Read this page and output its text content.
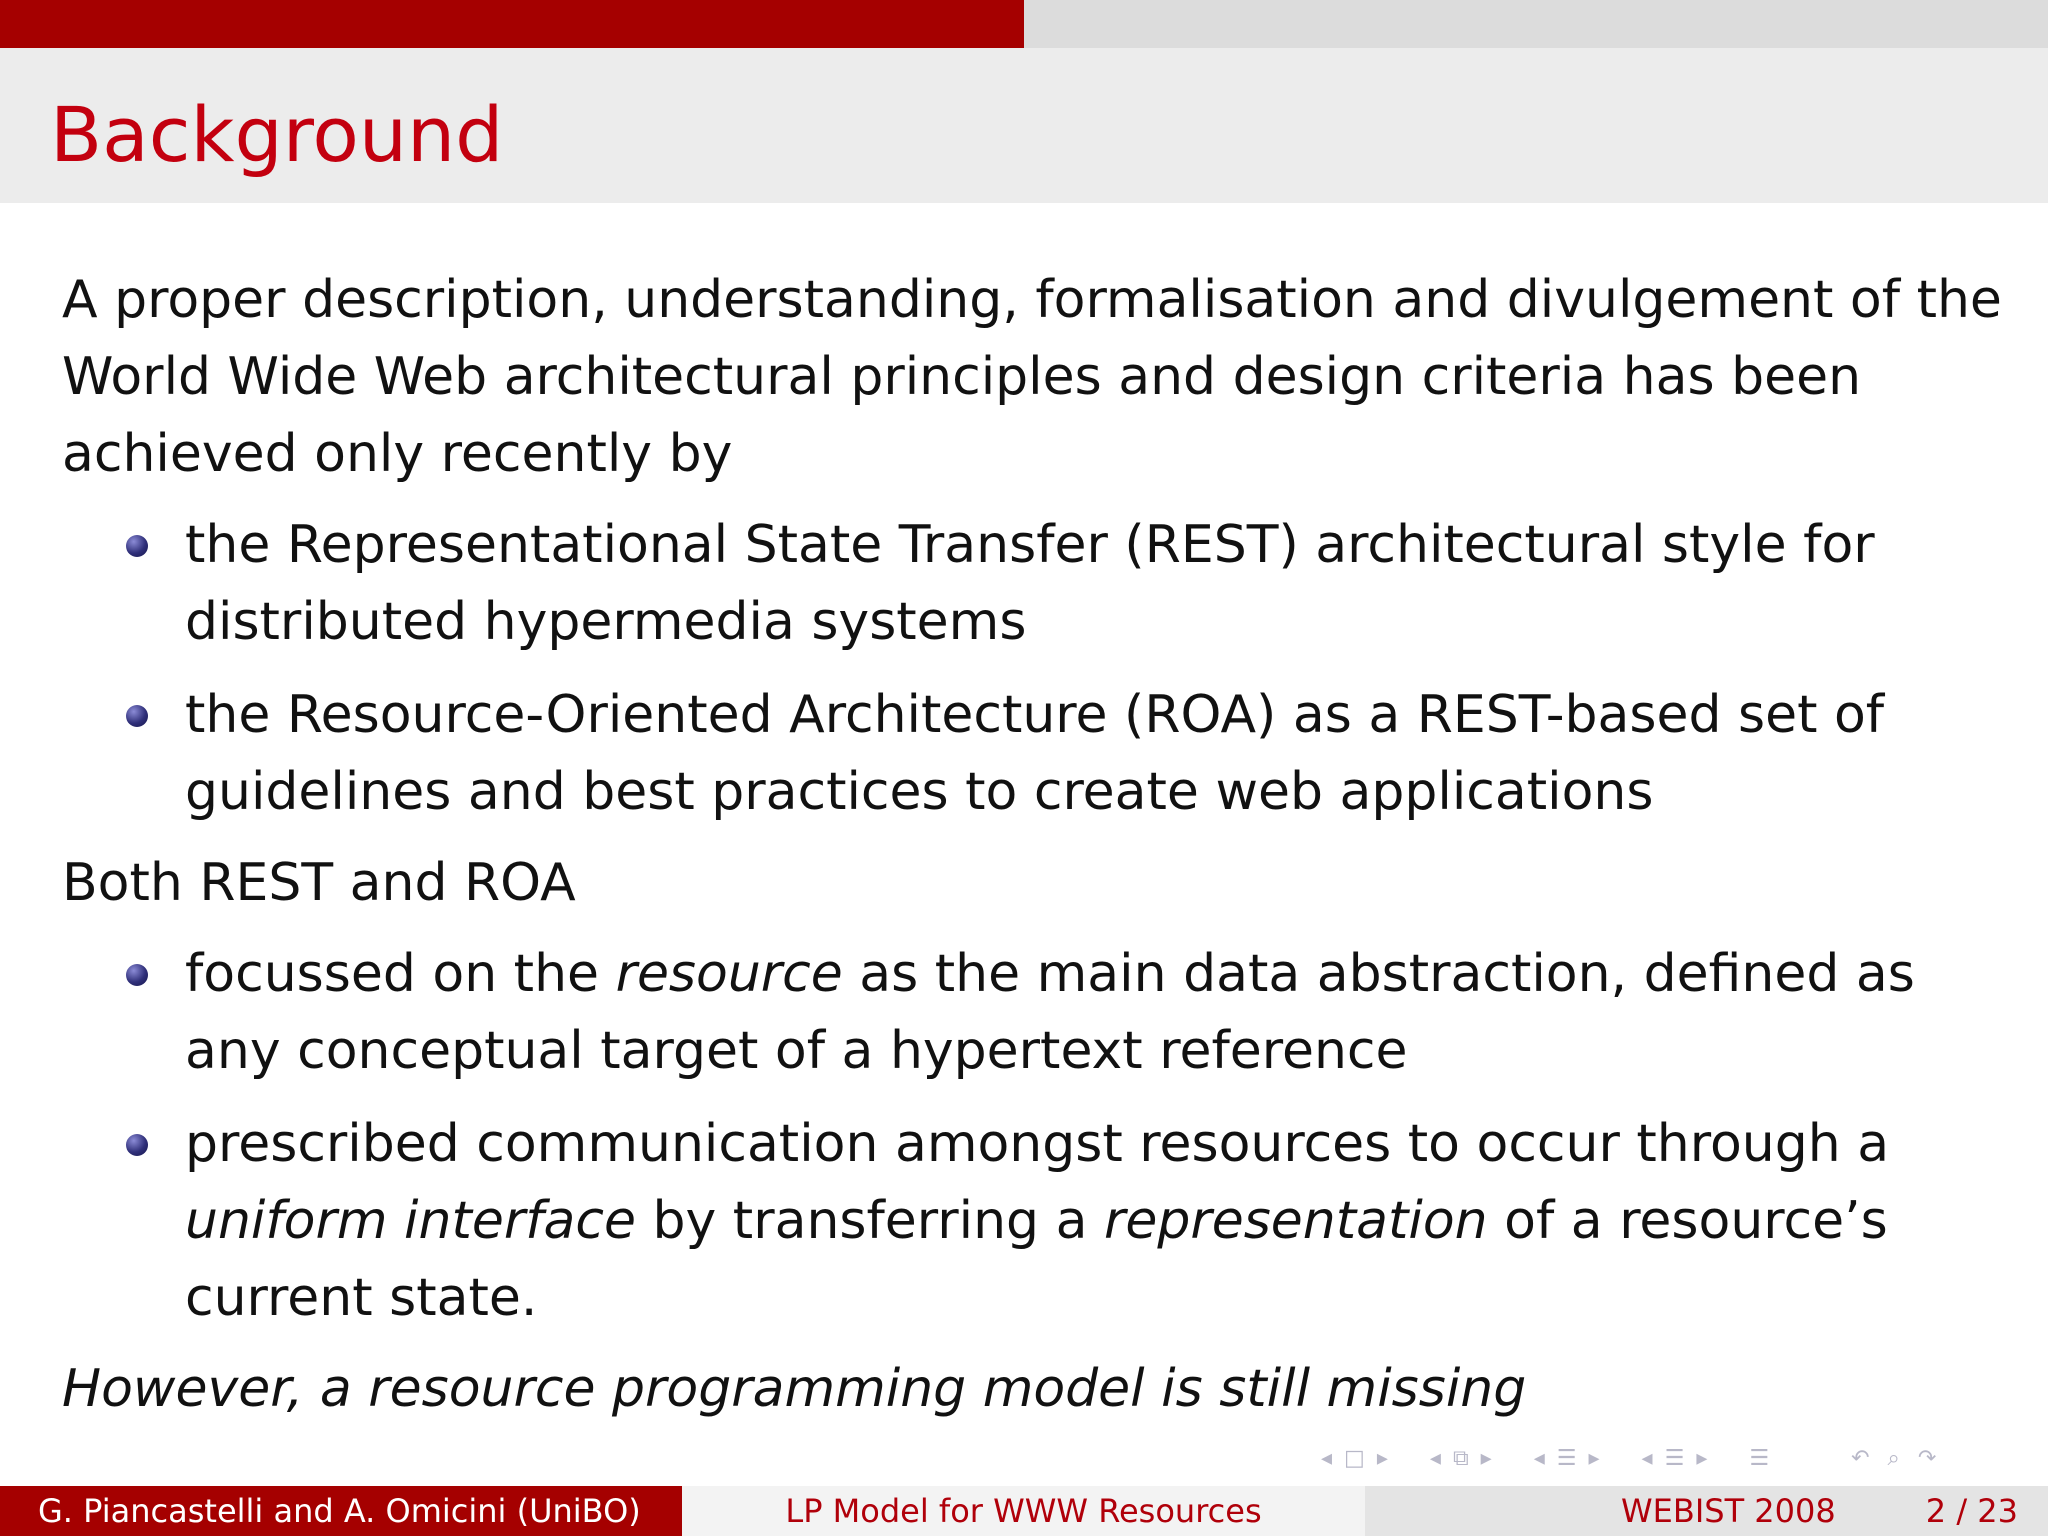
Background

A proper description, understanding, formalisation and divulgement of the World Wide Web architectural principles and design criteria has been achieved only recently by

the Representational State Transfer (REST) architectural style for distributed hypermedia systems
the Resource-Oriented Architecture (ROA) as a REST-based set of guidelines and best practices to create web applications

Both REST and ROA

focussed on the resource as the main data abstraction, defined as any conceptual target of a hypertext reference
prescribed communication amongst resources to occur through a uniform interface by transferring a representation of a resource’s current state.

However, a resource programming model is still missing

◂ □ ▸ ◂ ⧉ ▸ ◂ ☰ ▸ ◂ ☰ ▸ ☰	↶ ⌕ ↷
G. Piancastelli and A. Omicini (UniBO)	LP Model for WWW Resources	WEBIST 2008	2 / 23
